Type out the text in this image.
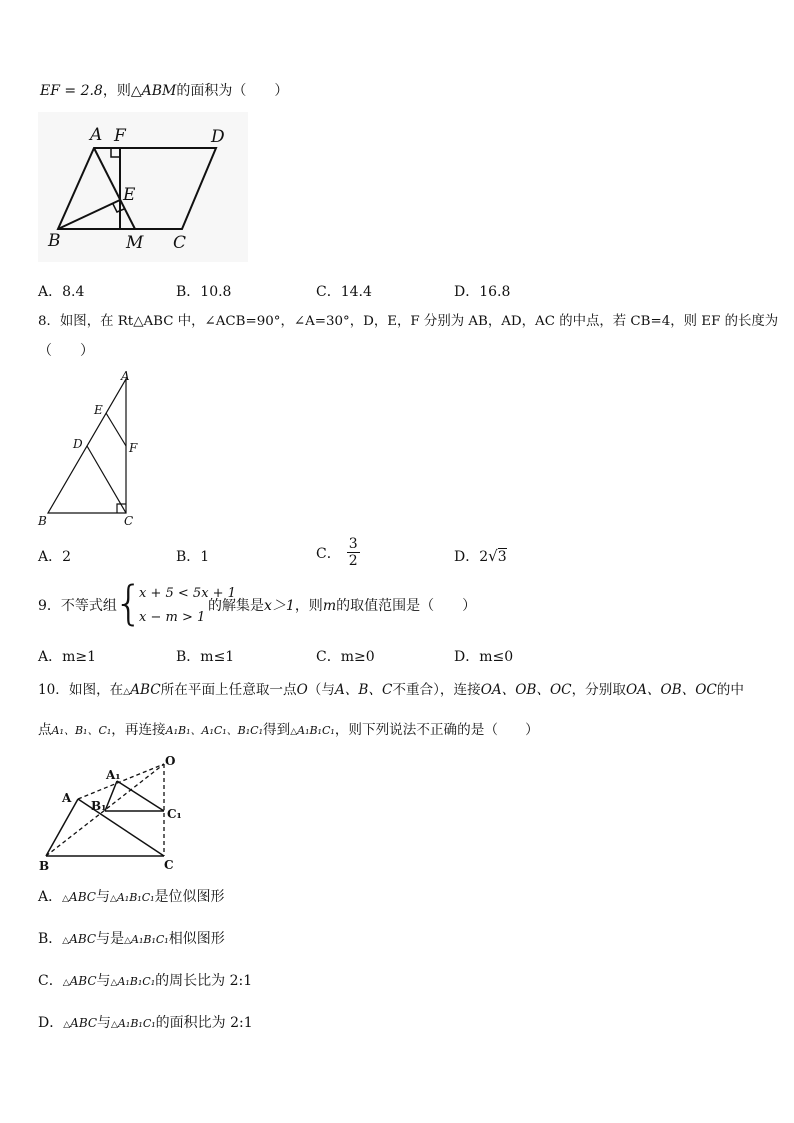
EF = 2.8，则△ABM的面积为（　　）
A F	D
E
B	M C
A．8.4	B．10.8	C．14.4	D．16.8
8．如图，在 Rt△ABC 中，∠ACB=90°，∠A=30°，D，E，F 分别为 AB，AD，AC 的中点，若 CB=4，则 EF 的长度为
（　　）
A
E
D	F
B	C
A．2	B．1	C． $\frac{3}{2}$	D．2√3
9．不等式组
{
x + 5 < 5x + 1
x − m > 1
的解集是x＞1，则m的取值范围是（　　）
A．m≥1	B．m≤1	C．m≥0	D．m≤0
10．如图，在△ABC所在平面上任意取一点O（与A、B、C不重合），连接OA、OB、OC，分别取OA、OB、OC的中
点A₁、B₁、C₁，再连接A₁B₁、A₁C₁、B₁C₁得到△A₁B₁C₁，则下列说法不正确的是（　　）
O
A₁
A
B₁
C₁
B	C
A．△ABC与△A₁B₁C₁是位似图形
B．△ABC与是△A₁B₁C₁相似图形
C．△ABC与△A₁B₁C₁的周长比为 2:1
D．△ABC与△A₁B₁C₁的面积比为 2:1
